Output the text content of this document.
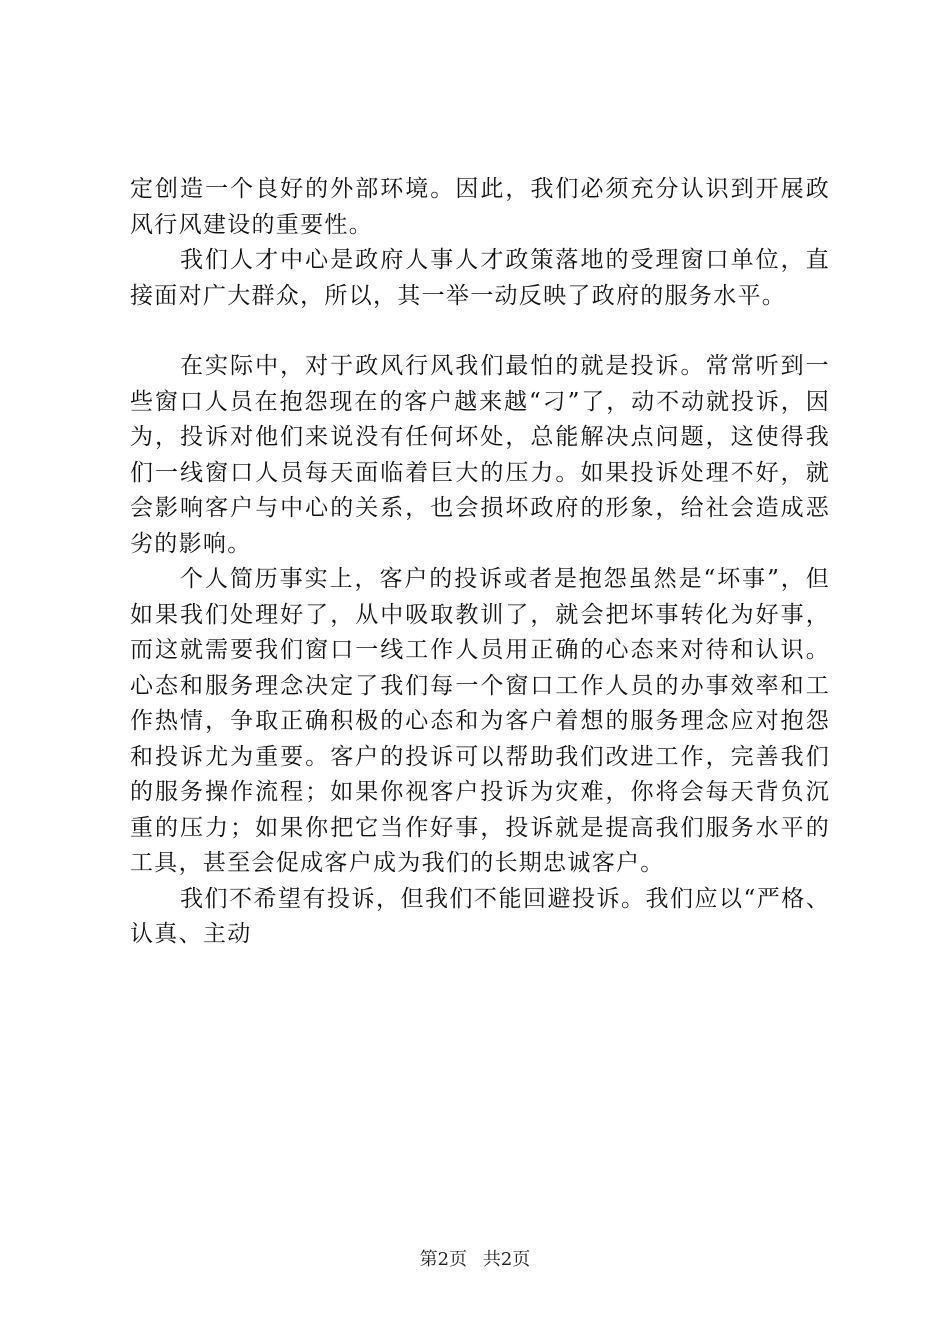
定创造一个良好的外部环境。因此，我们必须充分认识到开展政风行风建设的重要性。

我们人才中心是政府人事人才政策落地的受理窗口单位，直接面对广大群众，所以，其一举一动反映了政府的服务水平。

在实际中，对于政风行风我们最怕的就是投诉。常常听到一些窗口人员在抱怨现在的客户越来越“刁”了，动不动就投诉，因为，投诉对他们来说没有任何坏处，总能解决点问题，这使得我们一线窗口人员每天面临着巨大的压力。如果投诉处理不好，就会影响客户与中心的关系，也会损坏政府的形象，给社会造成恶劣的影响。

个人简历事实上，客户的投诉或者是抱怨虽然是“坏事”，但如果我们处理好了，从中吸取教训了，就会把坏事转化为好事，而这就需要我们窗口一线工作人员用正确的心态来对待和认识。心态和服务理念决定了我们每一个窗口工作人员的办事效率和工作热情，争取正确积极的心态和为客户着想的服务理念应对抱怨和投诉尤为重要。客户的投诉可以帮助我们改进工作，完善我们的服务操作流程；如果你视客户投诉为灾难，你将会每天背负沉重的压力；如果你把它当作好事，投诉就是提高我们服务水平的工具，甚至会促成客户成为我们的长期忠诚客户。

我们不希望有投诉，但我们不能回避投诉。我们应以“严格、认真、主动

第2页 共2页
